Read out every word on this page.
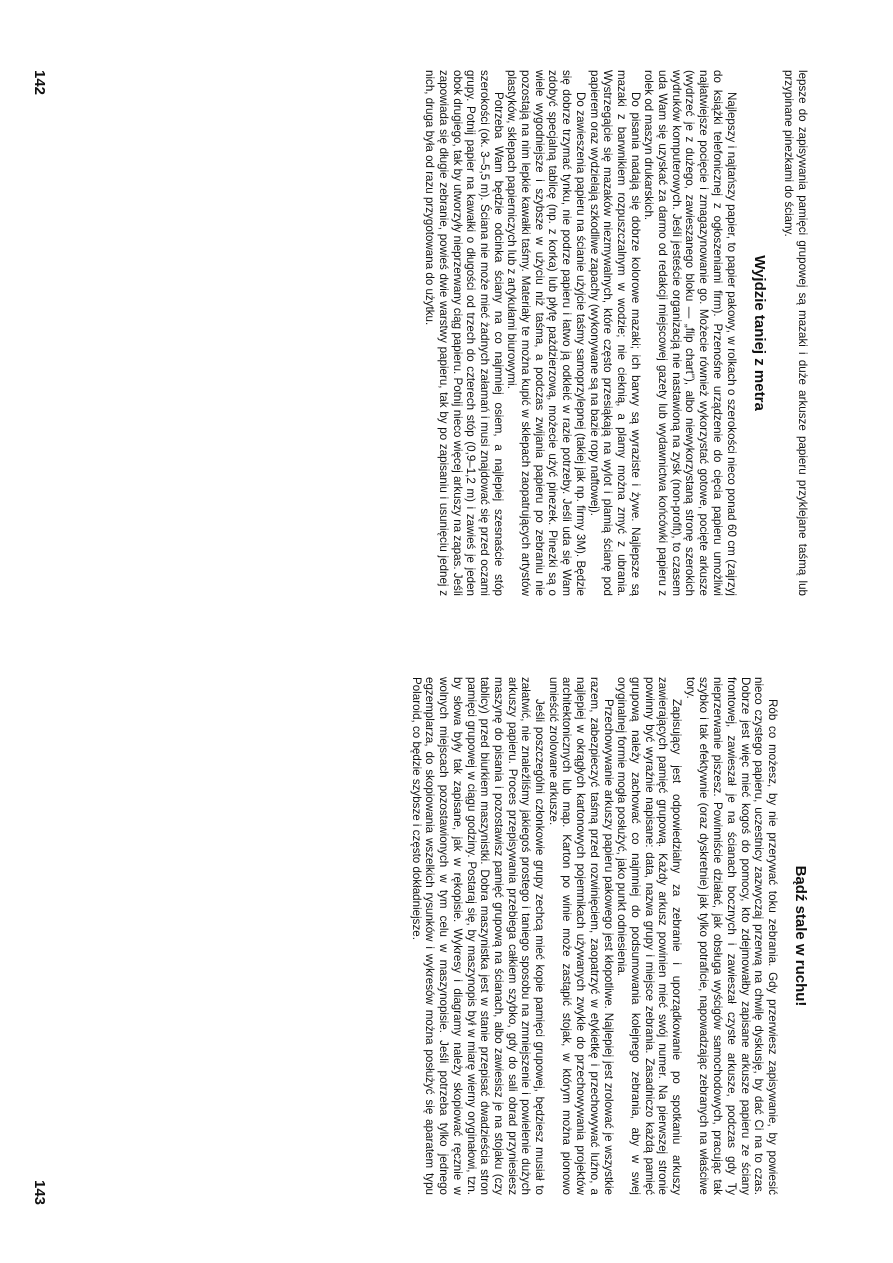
lepsze do zapisywania pamięci grupowej są mazaki i duże arkusze papieru przyklejane taśmą lub przypinane pinezkami do ściany.

Wyjdzie taniej z metra

Najlepszy i najtańszy papier, to papier pakowy, w rolkach o szerokości nieco ponad 60 cm (zajrzyj do książki telefonicznej z ogłoszeniami firm). Przenośne urządzenie do cięcia papieru umożliwi najłatwiejsze pocięcie i zmagazynowanie go. Możecie również wykorzystać gotowe, pocięte arkusze (wydrzeć je z dużego, zawieszanego bloku — „flip chart"), albo niewykorzystaną stronę szerokich wydruków komputerowych. Jeśli jesteście organizacją nie nastawioną na zysk (non-profit), to czasem uda Wam się uzyskać za darmo od redakcji miejscowej gazety lub wydawnictwa końcówki papieru z rolek od maszyn drukarskich.

Do pisania nadają się dobrze kolorowe mazaki; ich barwy są wyraziste i żywe. Najlepsze są mazaki z barwnikiem rozpuszczalnym w wodzie; nie cieknią, a plamy można zmyć z ubrania. Wystrzegajcie się mazaków niezmywalnych, które często przesiąkają na wylot i plamią ścianę pod papierem oraz wydzielają szkodliwe zapachy (wykonywane są na bazie ropy naftowej).

Do zawieszenia papieru na ścianie użyjcie taśmy samoprzylepnej (takiej jak np. firmy 3M). Będzie się dobrze trzymać tynku, nie podrze papieru i łatwo ją odkleić w razie potrzeby. Jeśli uda się Wam zdobyć specjalną tablicę (np. z korka) lub płytę pażdzierzową, możecie użyć pinezek. Pinezki są o wiele wygodniejsze i szybsze w użyciu niż taśma, a podczas zwijania papieru po zebraniu nie pozostają na nim lepkie kawałki taśmy. Materiały te można kupić w sklepach zaopatrujących artystów plastyków, sklepach papierniczych lub z artykułami biurowymi.

Potrzeba Wam będzie odcinka ściany na co najmniej osiem, a najlepiej szesnaście stóp szerokości (ok. 3–5,5 m). Ściana nie może mieć żadnych załamań i musi znajdować się przed oczami grupy. Potnij papier na kawałki o długości od trzech do czterech stóp (0,9–1,2 m) i zawieś je jeden obok drugiego, tak by utworzyły nieprzerwany ciąg papieru. Potnij nieco więcej arkuszy na zapas. Jeśli zapowiada się długie zebranie, powieś dwie warstwy papieru, tak by po zapisaniu i usunięciu jednej z nich, druga była od razu przygotowana do użytku.

142
Bądź stale w ruchu!

Rób co możesz, by nie przerywać toku zebrania. Gdy przerwiesz zapisywanie, by powiesić nieco czystego papieru, uczestnicy zazwyczaj przerwą na chwilę dyskusję, by dać Ci na to czas. Dobrze jest więc mieć kogoś do pomocy, kto zdejmowałby zapisane arkusze papieru ze ściany frontowej, zawieszał je na ścianach bocznych i zawieszał czyste arkusze, podczas gdy Ty nieprzerwanie piszesz. Powinniście działać, jak obsługa wyścigów samochodowych, pracując tak szybko i tak efektywnie (oraz dyskretnie) jak tylko potraficie, napowadzając zebranych na właściwe tory.

Zapisujący jest odpowiedzialny za zebranie i uporządkowanie po spotkaniu arkuszy zawierających pamięć grupową. Każdy arkusz powinien mieć swój numer. Na pierwszej stronie powinny być wyraźnie napisane: data, nazwa grupy i miejsce zebrania. Zasadniczo każdą pamięć grupową należy zachować co najmniej do podsumowania kolejnego zebrania, aby w swej oryginalnej formie mogła posłużyć, jako punkt odniesienia.

Przechowywanie arkuszy papieru pakowego jest kłopotliwe. Najlepiej jest zrolować je wszystkie razem, zabezpieczyć taśmą przed rozwinięciem, zaopatrzyć w etykietkę i przechowywać luźno, a najlepiej w okrągłych kartonowych pojemnikach używanych zwykle do przechowywania projektów architektonicznych lub map. Karton po winie może zastąpić stojak, w którym można pionowo umieścić zrolowane arkusze.

Jeśli poszczególni członkowie grupy zechcą mieć kopie pamięci grupowej, będziesz musiał to załatwić, nie znaleźliśmy jakiegoś prostego i taniego sposobu na zmniejszenie i powielenie dużych arkuszy papieru. Proces przepisywania przebiega całkiem szybko, gdy do sali obrad przyniesiesz maszynę do pisania i pozostawisz pamięć grupową na ścianach, albo zawiesisz je na stojaku (czy tablicy) przed biurkiem maszynistki. Dobra maszynistka jest w stanie przepisać dwadzieścia stron pamięci grupowej w ciągu godziny. Postaraj się, by maszynopis był w miarę wierny oryginałowi, tzn. by słowa były tak zapisane, jak w rękopisie. Wykresy i diagramy należy skopiować ręcznie w wolnych miejscach pozostawionych w tym celu w maszynopisie. Jeśli potrzeba tylko jednego egzemplarza, do skopiowania wszelkich rysunków i wykresów można posłużyć się aparatem typu Polaroid, co będzie szybsze i często dokładniejsze.

143
